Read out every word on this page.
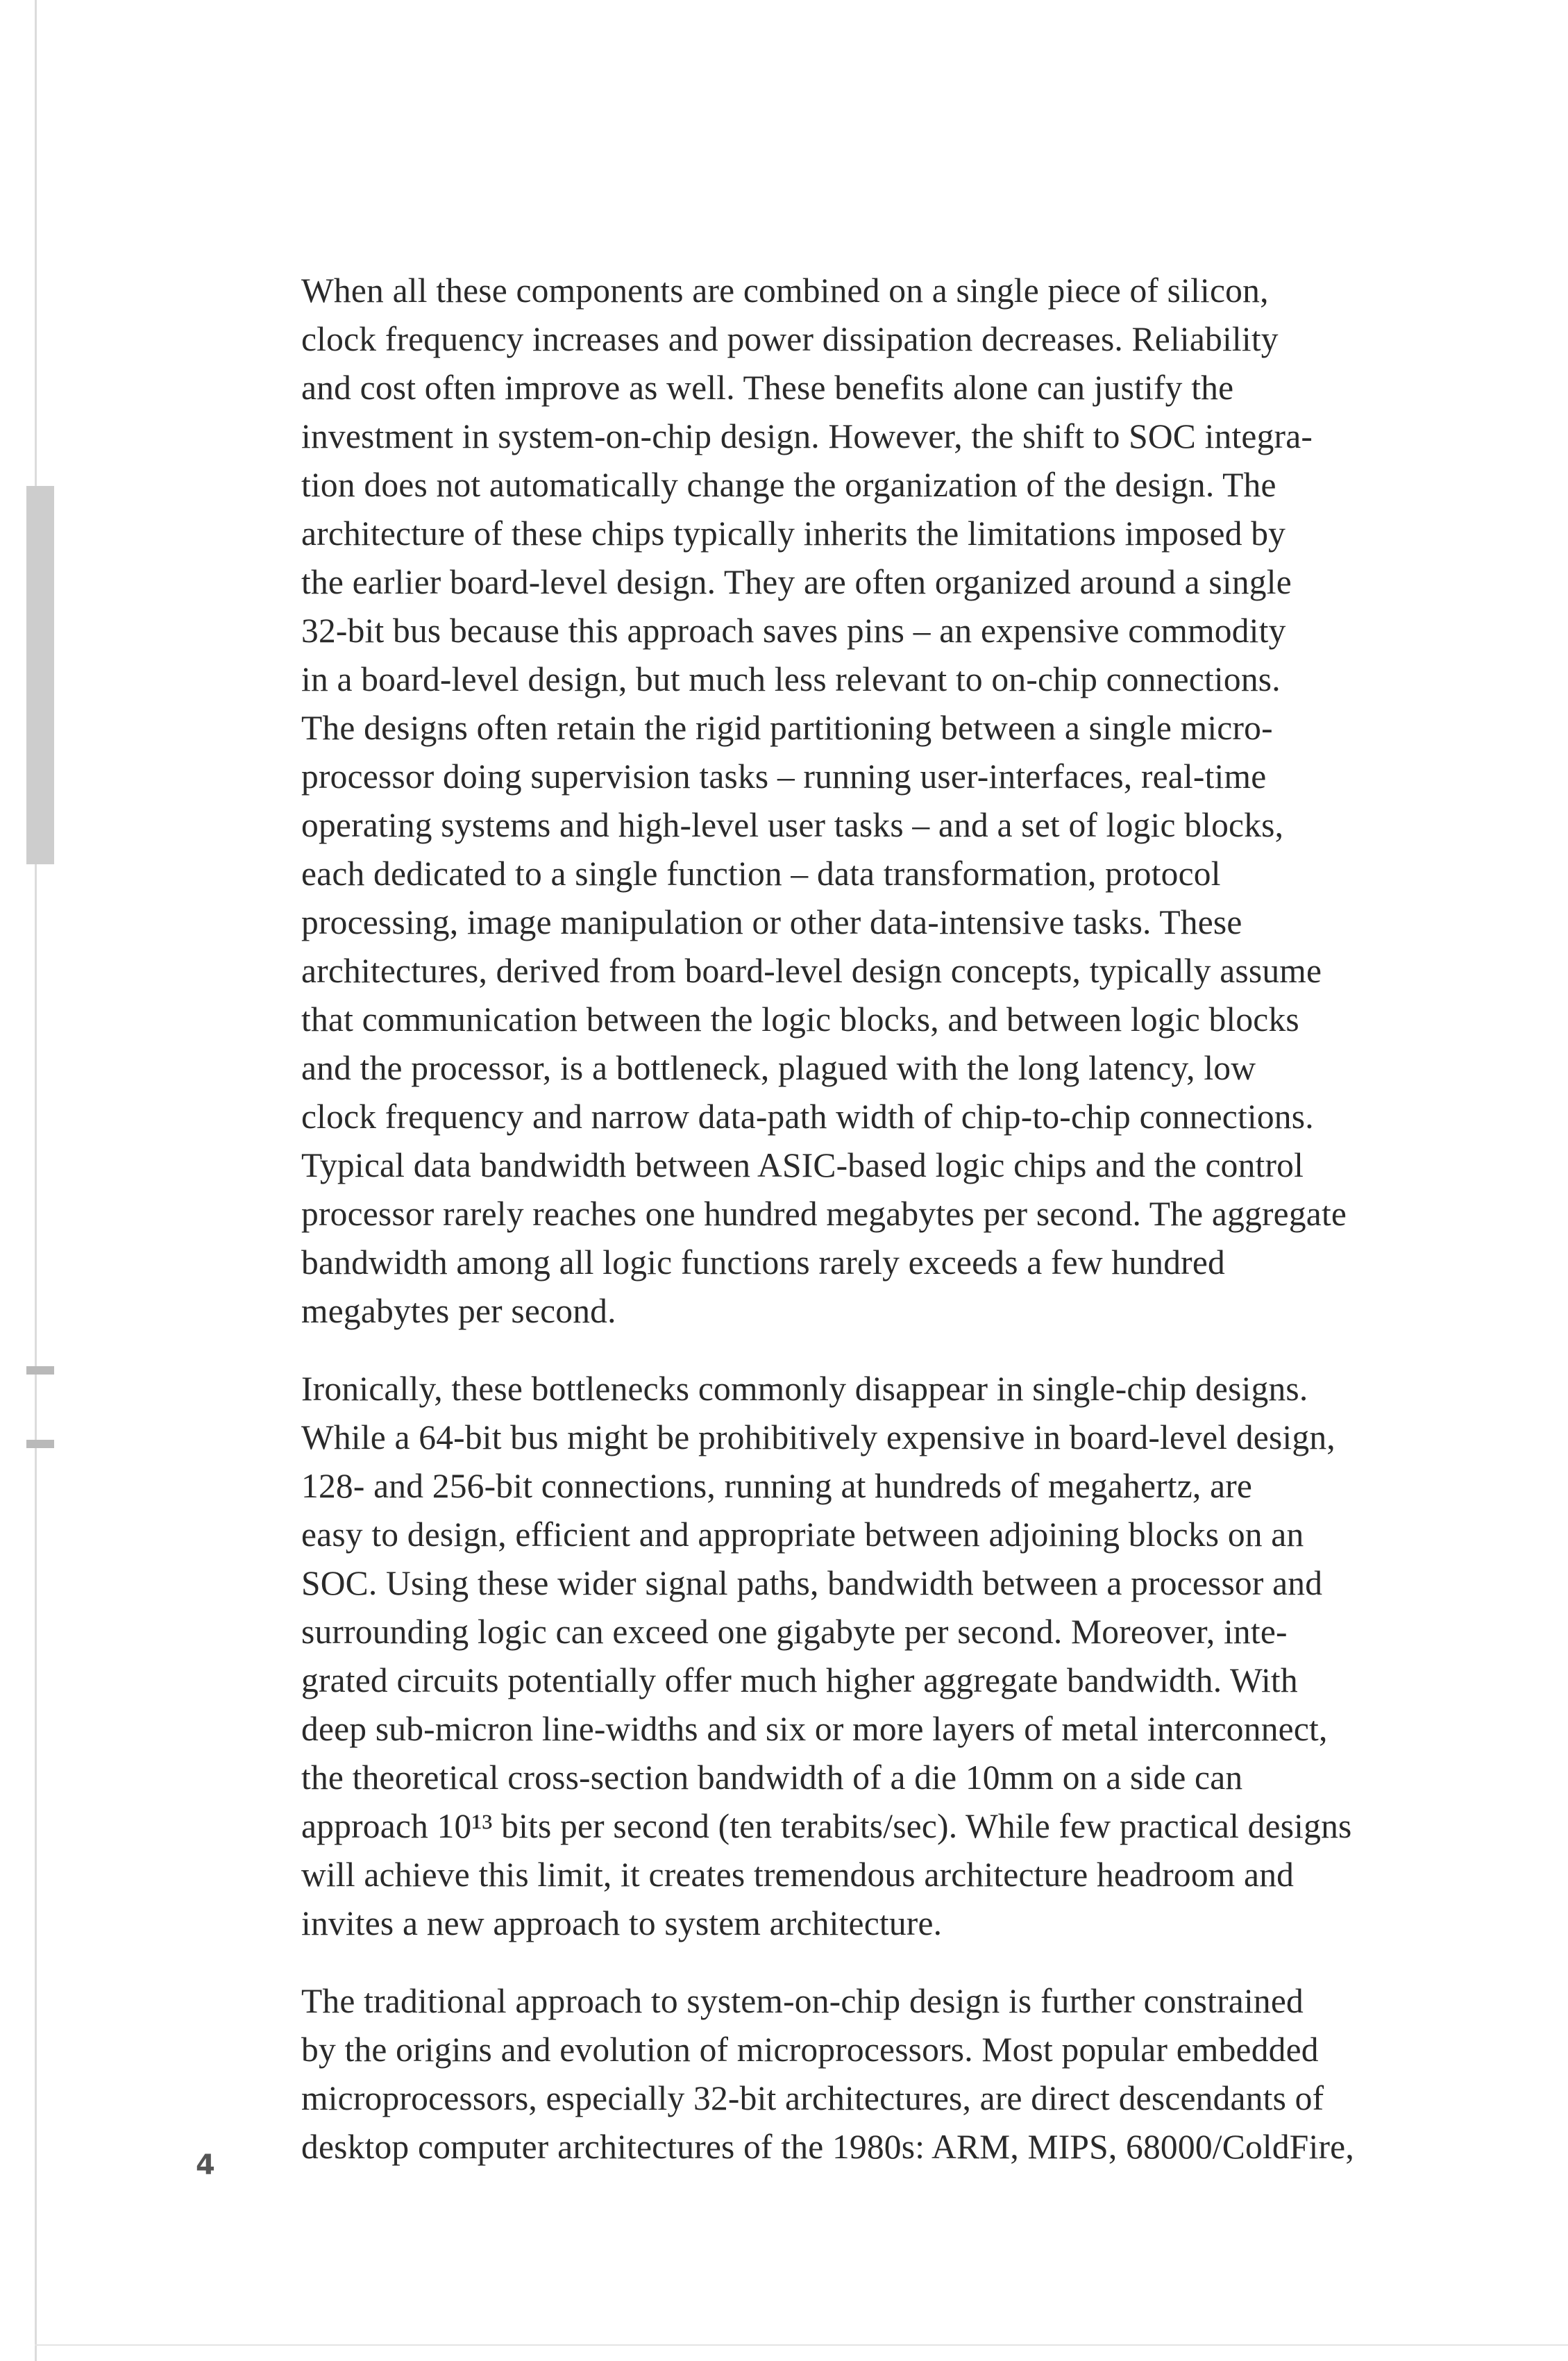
When all these components are combined on a single piece of silicon,
clock frequency increases and power dissipation decreases. Reliability
and cost often improve as well. These benefits alone can justify the
investment in system-on-chip design. However, the shift to SOC integra-
tion does not automatically change the organization of the design. The
architecture of these chips typically inherits the limitations imposed by
the earlier board-level design. They are often organized around a single
32-bit bus because this approach saves pins – an expensive commodity
in a board-level design, but much less relevant to on-chip connections.
The designs often retain the rigid partitioning between a single micro-
processor doing supervision tasks – running user-interfaces, real-time
operating systems and high-level user tasks – and a set of logic blocks,
each dedicated to a single function – data transformation, protocol
processing, image manipulation or other data-intensive tasks. These
architectures, derived from board-level design concepts, typically assume
that communication between the logic blocks, and between logic blocks
and the processor, is a bottleneck, plagued with the long latency, low
clock frequency and narrow data-path width of chip-to-chip connections.
Typical data bandwidth between ASIC-based logic chips and the control
processor rarely reaches one hundred megabytes per second. The aggregate
bandwidth among all logic functions rarely exceeds a few hundred
megabytes per second.

Ironically, these bottlenecks commonly disappear in single-chip designs.
While a 64-bit bus might be prohibitively expensive in board-level design,
128- and 256-bit connections, running at hundreds of megahertz, are
easy to design, efficient and appropriate between adjoining blocks on an
SOC. Using these wider signal paths, bandwidth between a processor and
surrounding logic can exceed one gigabyte per second. Moreover, inte-
grated circuits potentially offer much higher aggregate bandwidth. With
deep sub-micron line-widths and six or more layers of metal interconnect,
the theoretical cross-section bandwidth of a die 10mm on a side can
approach 10¹³ bits per second (ten terabits/sec). While few practical designs
will achieve this limit, it creates tremendous architecture headroom and
invites a new approach to system architecture.

The traditional approach to system-on-chip design is further constrained
by the origins and evolution of microprocessors. Most popular embedded
microprocessors, especially 32-bit architectures, are direct descendants of
desktop computer architectures of the 1980s: ARM, MIPS, 68000/ColdFire,

4
